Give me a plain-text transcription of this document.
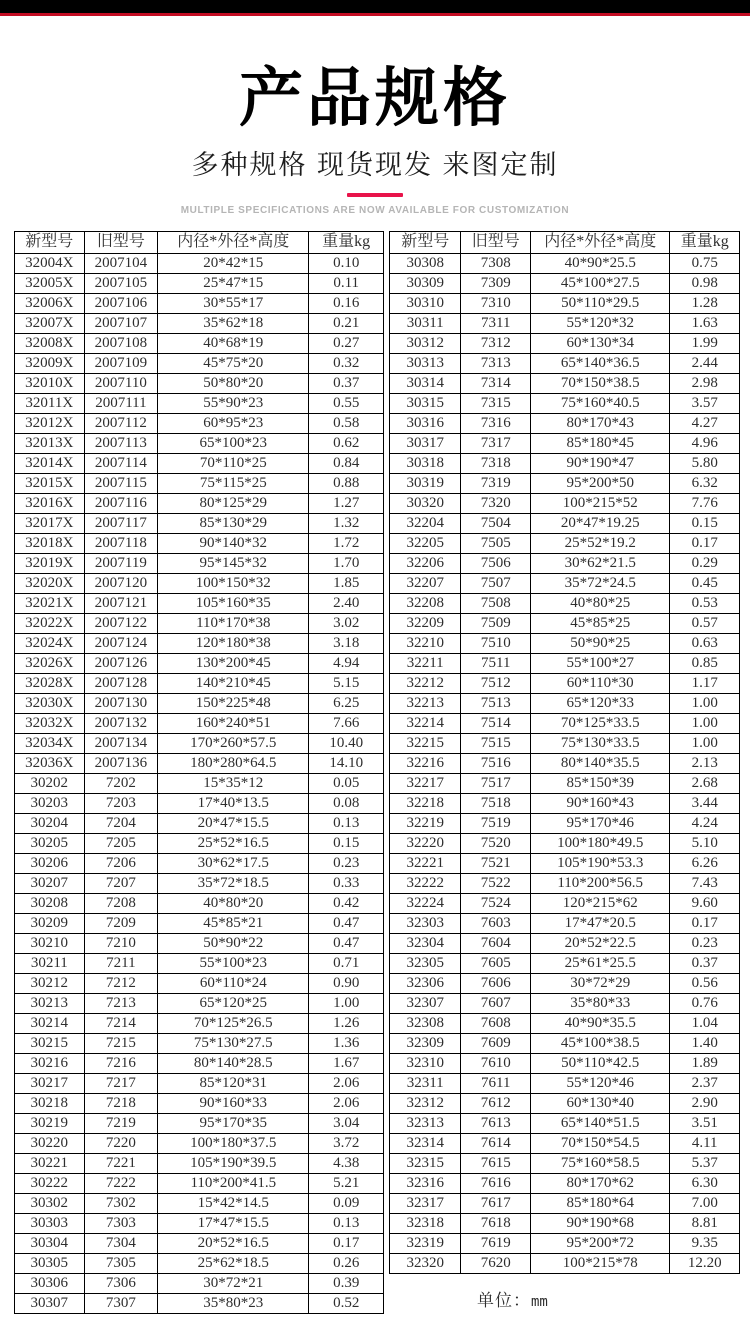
产品规格
多种规格 现货现发 来图定制
MULTIPLE SPECIFICATIONS ARE NOW AVAILABLE FOR CUSTOMIZATION
新型号	旧型号	内径*外径*高度	重量kg
32004X	2007104	20*42*15	0.10
32005X	2007105	25*47*15	0.11
32006X	2007106	30*55*17	0.16
32007X	2007107	35*62*18	0.21
32008X	2007108	40*68*19	0.27
32009X	2007109	45*75*20	0.32
32010X	2007110	50*80*20	0.37
32011X	2007111	55*90*23	0.55
32012X	2007112	60*95*23	0.58
32013X	2007113	65*100*23	0.62
32014X	2007114	70*110*25	0.84
32015X	2007115	75*115*25	0.88
32016X	2007116	80*125*29	1.27
32017X	2007117	85*130*29	1.32
32018X	2007118	90*140*32	1.72
32019X	2007119	95*145*32	1.70
32020X	2007120	100*150*32	1.85
32021X	2007121	105*160*35	2.40
32022X	2007122	110*170*38	3.02
32024X	2007124	120*180*38	3.18
32026X	2007126	130*200*45	4.94
32028X	2007128	140*210*45	5.15
32030X	2007130	150*225*48	6.25
32032X	2007132	160*240*51	7.66
32034X	2007134	170*260*57.5	10.40
32036X	2007136	180*280*64.5	14.10
30202	7202	15*35*12	0.05
30203	7203	17*40*13.5	0.08
30204	7204	20*47*15.5	0.13
30205	7205	25*52*16.5	0.15
30206	7206	30*62*17.5	0.23
30207	7207	35*72*18.5	0.33
30208	7208	40*80*20	0.42
30209	7209	45*85*21	0.47
30210	7210	50*90*22	0.47
30211	7211	55*100*23	0.71
30212	7212	60*110*24	0.90
30213	7213	65*120*25	1.00
30214	7214	70*125*26.5	1.26
30215	7215	75*130*27.5	1.36
30216	7216	80*140*28.5	1.67
30217	7217	85*120*31	2.06
30218	7218	90*160*33	2.06
30219	7219	95*170*35	3.04
30220	7220	100*180*37.5	3.72
30221	7221	105*190*39.5	4.38
30222	7222	110*200*41.5	5.21
30302	7302	15*42*14.5	0.09
30303	7303	17*47*15.5	0.13
30304	7304	20*52*16.5	0.17
30305	7305	25*62*18.5	0.26
30306	7306	30*72*21	0.39
30307	7307	35*80*23	0.52
新型号	旧型号	内径*外径*高度	重量kg
30308	7308	40*90*25.5	0.75
30309	7309	45*100*27.5	0.98
30310	7310	50*110*29.5	1.28
30311	7311	55*120*32	1.63
30312	7312	60*130*34	1.99
30313	7313	65*140*36.5	2.44
30314	7314	70*150*38.5	2.98
30315	7315	75*160*40.5	3.57
30316	7316	80*170*43	4.27
30317	7317	85*180*45	4.96
30318	7318	90*190*47	5.80
30319	7319	95*200*50	6.32
30320	7320	100*215*52	7.76
32204	7504	20*47*19.25	0.15
32205	7505	25*52*19.2	0.17
32206	7506	30*62*21.5	0.29
32207	7507	35*72*24.5	0.45
32208	7508	40*80*25	0.53
32209	7509	45*85*25	0.57
32210	7510	50*90*25	0.63
32211	7511	55*100*27	0.85
32212	7512	60*110*30	1.17
32213	7513	65*120*33	1.00
32214	7514	70*125*33.5	1.00
32215	7515	75*130*33.5	1.00
32216	7516	80*140*35.5	2.13
32217	7517	85*150*39	2.68
32218	7518	90*160*43	3.44
32219	7519	95*170*46	4.24
32220	7520	100*180*49.5	5.10
32221	7521	105*190*53.3	6.26
32222	7522	110*200*56.5	7.43
32224	7524	120*215*62	9.60
32303	7603	17*47*20.5	0.17
32304	7604	20*52*22.5	0.23
32305	7605	25*61*25.5	0.37
32306	7606	30*72*29	0.56
32307	7607	35*80*33	0.76
32308	7608	40*90*35.5	1.04
32309	7609	45*100*38.5	1.40
32310	7610	50*110*42.5	1.89
32311	7611	55*120*46	2.37
32312	7612	60*130*40	2.90
32313	7613	65*140*51.5	3.51
32314	7614	70*150*54.5	4.11
32315	7615	75*160*58.5	5.37
32316	7616	80*170*62	6.30
32317	7617	85*180*64	7.00
32318	7618	90*190*68	8.81
32319	7619	95*200*72	9.35
32320	7620	100*215*78	12.20
单位：mm
